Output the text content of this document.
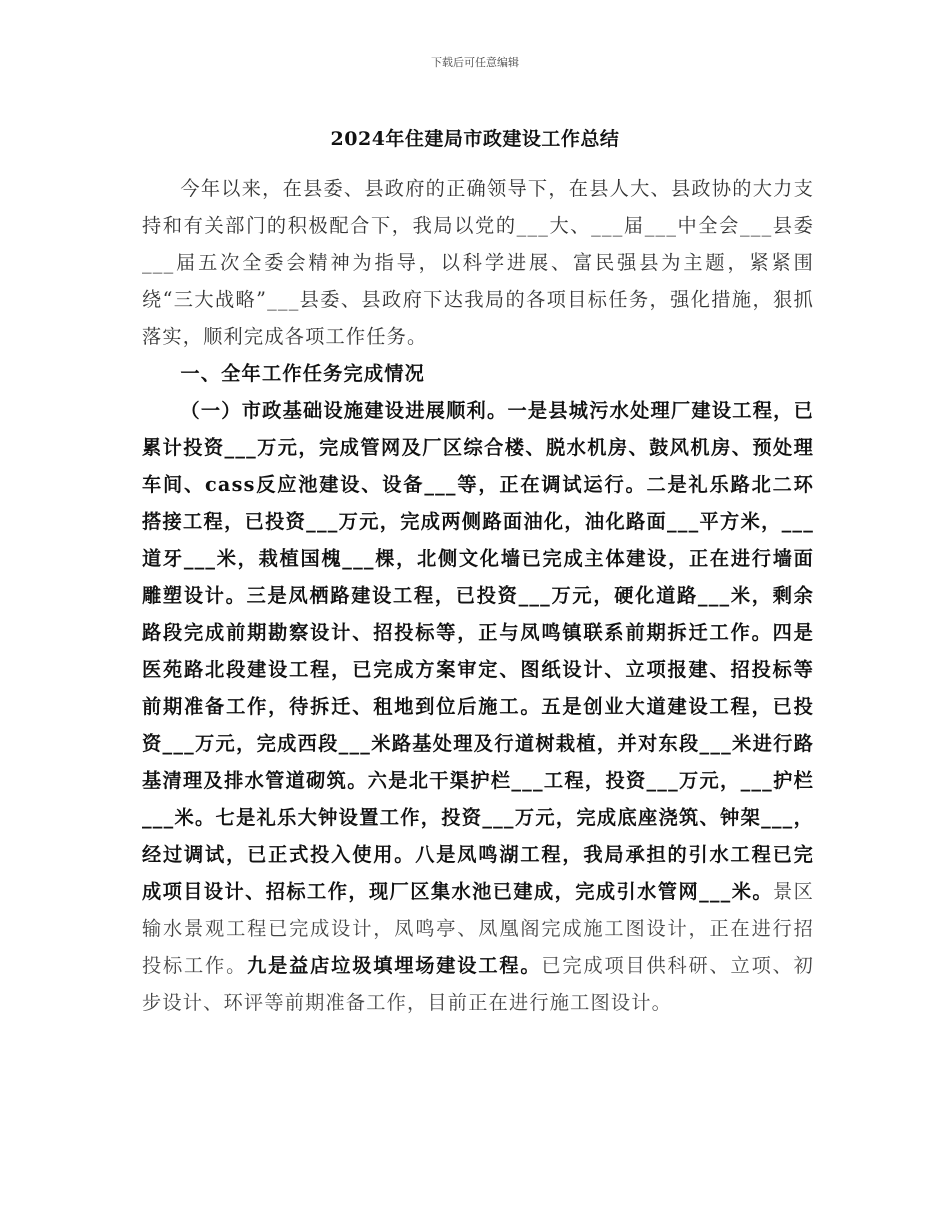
下载后可任意编辑
2024年住建局市政建设工作总结

今年以来，在县委、县政府的正确领导下，在县人大、县政协的大力支持和有关部门的积极配合下，我局以党的___大、___届___中全会___县委___届五次全委会精神为指导，以科学进展、富民强县为主题，紧紧围绕“三大战略”___县委、县政府下达我局的各项目标任务，强化措施，狠抓落实，顺利完成各项工作任务。

一、全年工作任务完成情况

（一）市政基础设施建设进展顺利。一是县城污水处理厂建设工程，已累计投资___万元，完成管网及厂区综合楼、脱水机房、鼓风机房、预处理车间、cass反应池建设、设备___等，正在调试运行。二是礼乐路北二环搭接工程，已投资___万元，完成两侧路面油化，油化路面___平方米，___道牙___米，栽植国槐___棵，北侧文化墙已完成主体建设，正在进行墙面雕塑设计。三是凤栖路建设工程，已投资___万元，硬化道路___米，剩余路段完成前期勘察设计、招投标等，正与凤鸣镇联系前期拆迁工作。四是医苑路北段建设工程，已完成方案审定、图纸设计、立项报建、招投标等前期准备工作，待拆迁、租地到位后施工。五是创业大道建设工程，已投资___万元，完成西段___米路基处理及行道树栽植，并对东段___米进行路基清理及排水管道砌筑。六是北干渠护栏___工程，投资___万元，___护栏___米。七是礼乐大钟设置工作，投资___万元，完成底座浇筑、钟架___，经过调试，已正式投入使用。八是凤鸣湖工程，我局承担的引水工程已完成项目设计、招标工作，现厂区集水池已建成，完成引水管网___米。景区输水景观工程已完成设计，凤鸣亭、凤凰阁完成施工图设计，正在进行招投标工作。九是益店垃圾填埋场建设工程。已完成项目供科研、立项、初步设计、环评等前期准备工作，目前正在进行施工图设计。
